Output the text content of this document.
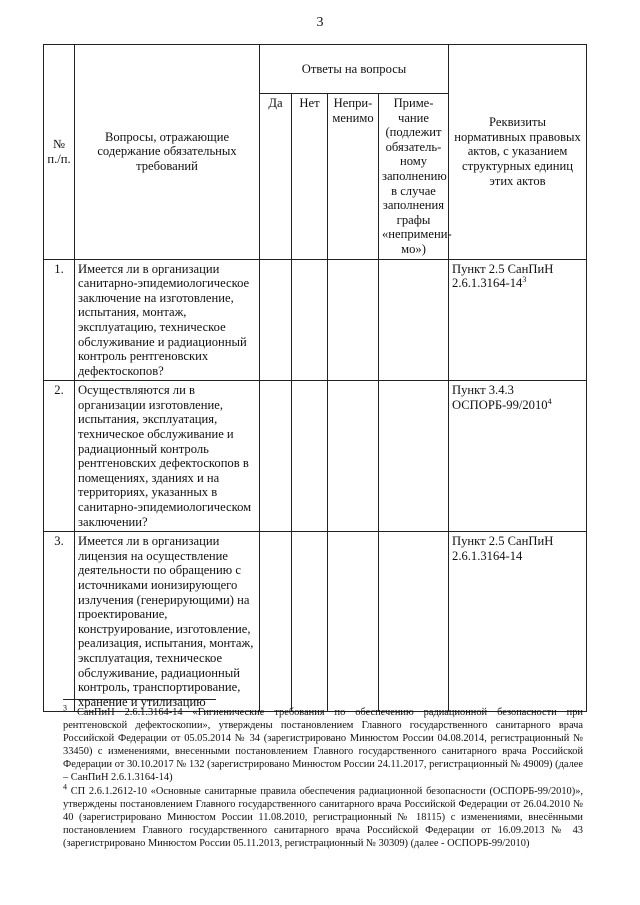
3
№ п./п.	Вопросы, отражающие содержание обязательных требований	Ответы на вопросы				Реквизиты нормативных правовых актов, с указанием структурных единиц этих актов
		Да	Нет	Непри-менимо	Приме-чание (подлежит обязатель-ному заполнению в случае заполнения графы «непримени-мо»)	
1.	Имеется ли в организации санитарно-эпидемиологическое заключение на изготовление, испытания, монтаж, эксплуатацию, техническое обслуживание и радиационный контроль рентгеновских дефектоскопов?					Пункт 2.5 СанПиН $2.6.1.3164-14^3$
2.	Осуществляются ли в организации изготовление, испытания, эксплуатация, техническое обслуживание и радиационный контроль рентгеновских дефектоскопов в помещениях, зданиях и на территориях, указанных в санитарно-эпидемиологическом заключении?					Пункт 3.4.3 ОСПОРБ-99/2010$^4$
3.	Имеется ли в организации лицензия на осуществление деятельности по обращению с источниками ионизирующего излучения (генерирующими) на проектирование, конструирование, изготовление, реализация, испытания, монтаж, эксплуатация, техническое обслуживание, радиационный контроль, транспортирование, хранение и утилизацию					Пункт 2.5 СанПиН 2.6.1.3164-14
$^3$ СанПиН 2.6.1.3164-14 «Гигиенические требования по обеспечению радиационной безопасности при рентгеновской дефектоскопии», утверждены постановлением Главного государственного санитарного врача Российской Федерации от 05.05.2014 № 34 (зарегистрировано Минюстом России 04.08.2014, регистрационный № 33450) с изменениями, внесенными постановлением Главного государственного санитарного врача Российской Федерации от 30.10.2017 № 132 (зарегистрировано Минюстом России 24.11.2017, регистрационный № 49009) (далее – СанПиН 2.6.1.3164-14)
$^4$ СП 2.6.1.2612-10 «Основные санитарные правила обеспечения радиационной безопасности (ОСПОРБ-99/2010)», утверждены постановлением Главного государственного санитарного врача Российской Федерации от 26.04.2010 № 40 (зарегистрировано Минюстом России 11.08.2010, регистрационный № 18115) с изменениями, внесёнными постановлением Главного государственного санитарного врача Российской Федерации от 16.09.2013 № 43 (зарегистрировано Минюстом России 05.11.2013, регистрационный № 30309) (далее - ОСПОРБ-99/2010)
